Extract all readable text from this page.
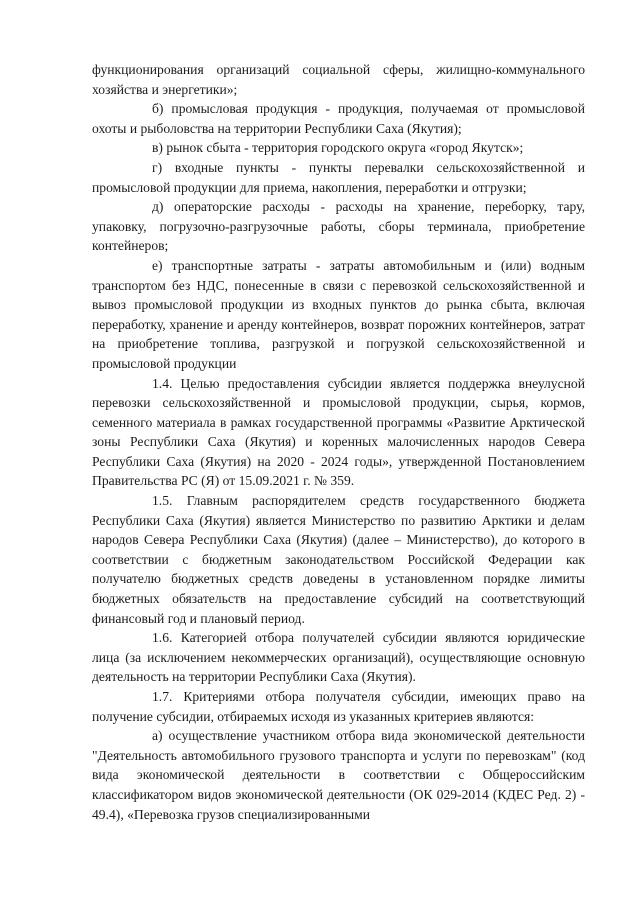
функционирования организаций социальной сферы, жилищно-коммунального хозяйства и энергетики»;

б) промысловая продукция - продукция, получаемая от промысловой охоты и рыболовства на территории Республики Саха (Якутия);

в) рынок сбыта - территория городского округа «город Якутск»;

г) входные пункты - пункты перевалки сельскохозяйственной и промысловой продукции для приема, накопления, переработки и отгрузки;

д) операторские расходы - расходы на хранение, переборку, тару, упаковку, погрузочно-разгрузочные работы, сборы терминала, приобретение контейнеров;

е) транспортные затраты - затраты автомобильным и (или) водным транспортом без НДС, понесенные в связи с перевозкой сельскохозяйственной и вывоз промысловой продукции из входных пунктов до рынка сбыта, включая переработку, хранение и аренду контейнеров, возврат порожних контейнеров, затрат на приобретение топлива, разгрузкой и погрузкой сельскохозяйственной и промысловой продукции

1.4. Целью предоставления субсидии является поддержка внеулусной перевозки сельскохозяйственной и промысловой продукции, сырья, кормов, семенного материала в рамках государственной программы «Развитие Арктической зоны Республики Саха (Якутия) и коренных малочисленных народов Севера Республики Саха (Якутия) на 2020 - 2024 годы», утвержденной Постановлением Правительства РС (Я) от 15.09.2021 г. № 359.

1.5. Главным распорядителем средств государственного бюджета Республики Саха (Якутия) является Министерство по развитию Арктики и делам народов Севера Республики Саха (Якутия) (далее – Министерство), до которого в соответствии с бюджетным законодательством Российской Федерации как получателю бюджетных средств доведены в установленном порядке лимиты бюджетных обязательств на предоставление субсидий на соответствующий финансовый год и плановый период.

1.6. Категорией отбора получателей субсидии являются юридические лица (за исключением некоммерческих организаций), осуществляющие основную деятельность на территории Республики Саха (Якутия).

1.7. Критериями отбора получателя субсидии, имеющих право на получение субсидии, отбираемых исходя из указанных критериев являются:

а) осуществление участником отбора вида экономической деятельности "Деятельность автомобильного грузового транспорта и услуги по перевозкам" (код вида экономической деятельности в соответствии с Общероссийским классификатором видов экономической деятельности (ОК 029-2014 (КДЕС Ред. 2) - 49.4), «Перевозка грузов специализированными
